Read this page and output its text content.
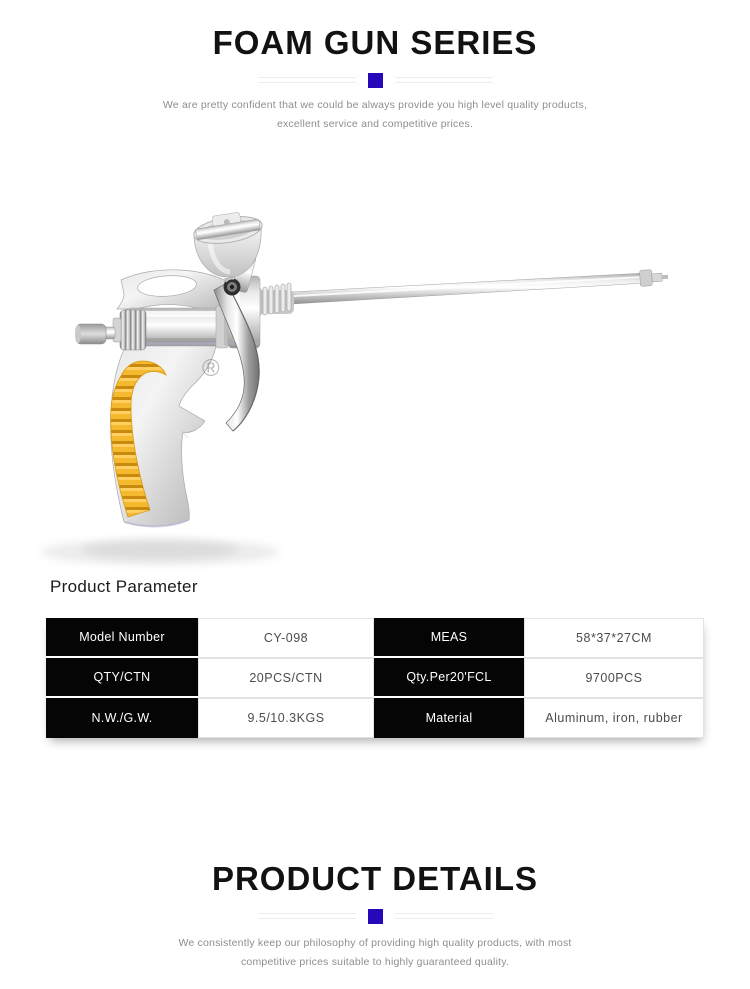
FOAM GUN SERIES
We are pretty confident that we could be always provide you high level quality products,
excellent service and competitive prices.
®
Product Parameter
Model Number	CY-098	MEAS	58*37*27CM
QTY/CTN	20PCS/CTN	Qty.Per20'FCL	9700PCS
N.W./G.W.	9.5/10.3KGS	Material	Aluminum, iron, rubber
PRODUCT DETAILS
We consistently keep our philosophy of providing high quality products, with most
competitive prices suitable to highly guaranteed quality.
